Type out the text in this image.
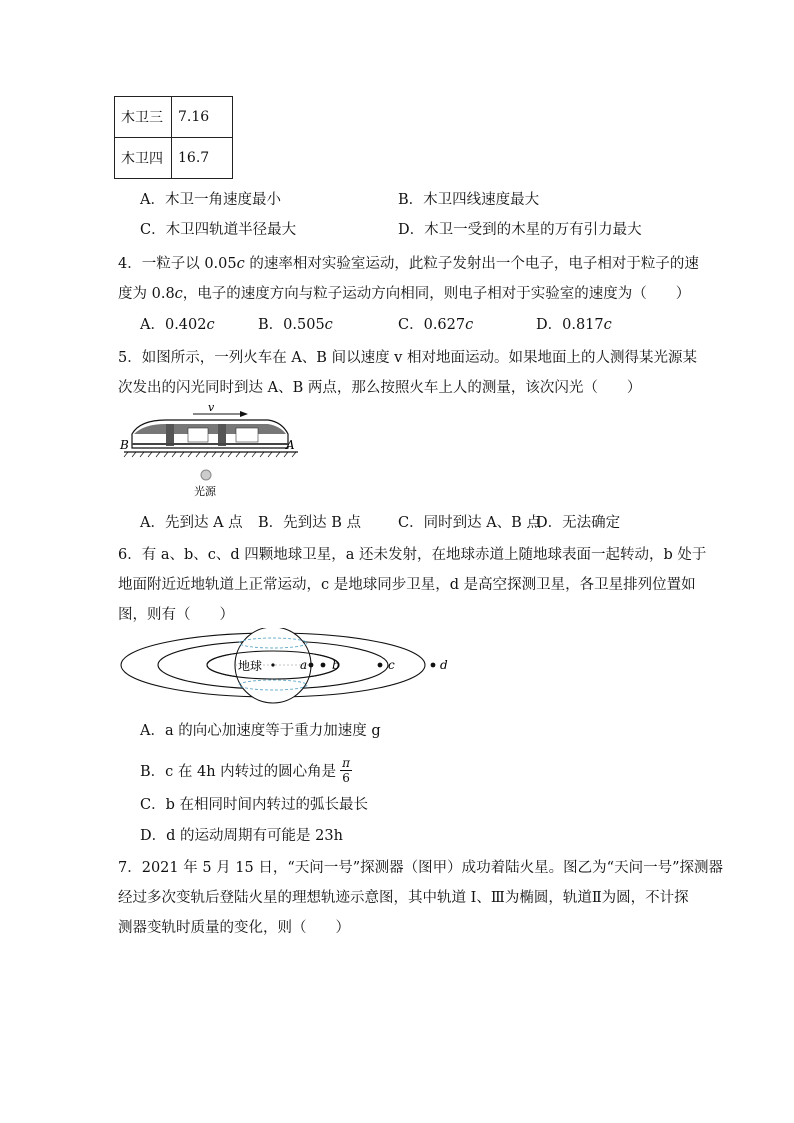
木卫三	7.16
木卫四	16.7
A．木卫一角速度最小	B．木卫四线速度最大
C．木卫四轨道半径最大	D．木卫一受到的木星的万有引力最大
4．一粒子以 0.05c 的速率相对实验室运动，此粒子发射出一个电子，电子相对于粒子的速
度为 0.8c，电子的速度方向与粒子运动方向相同，则电子相对于实验室的速度为（　　）
A．0.402c	B．0.505c	C．0.627c	D．0.817c
5．如图所示，一列火车在 A、B 间以速度 v 相对地面运动。如果地面上的人测得某光源某
次发出的闪光同时到达 A、B 两点，那么按照火车上人的测量，该次闪光（　　）
v
B	A
光源
A．先到达 A 点 B．先到达 B 点	C．同时到达 A、B 点
D．无法确定
6．有 a、b、c、d 四颗地球卫星，a 还未发射，在地球赤道上随地球表面一起转动，b 处于
地面附近近地轨道上正常运动，c 是地球同步卫星，d 是高空探测卫星，各卫星排列位置如
图，则有（　　）
地球	a b	c	d
A．a 的向心加速度等于重力加速度 g
B．c 在 4h 内转过的圆心角是 $\frac{\pi}{6}$
C．b 在相同时间内转过的弧长最长
D．d 的运动周期有可能是 23h
7．2021 年 5 月 15 日，“天问一号”探测器（图甲）成功着陆火星。图乙为“天问一号”探测器
经过多次变轨后登陆火星的理想轨迹示意图，其中轨道 Ⅰ、Ⅲ为椭圆，轨道Ⅱ为圆，不计探
测器变轨时质量的变化，则（　　）
